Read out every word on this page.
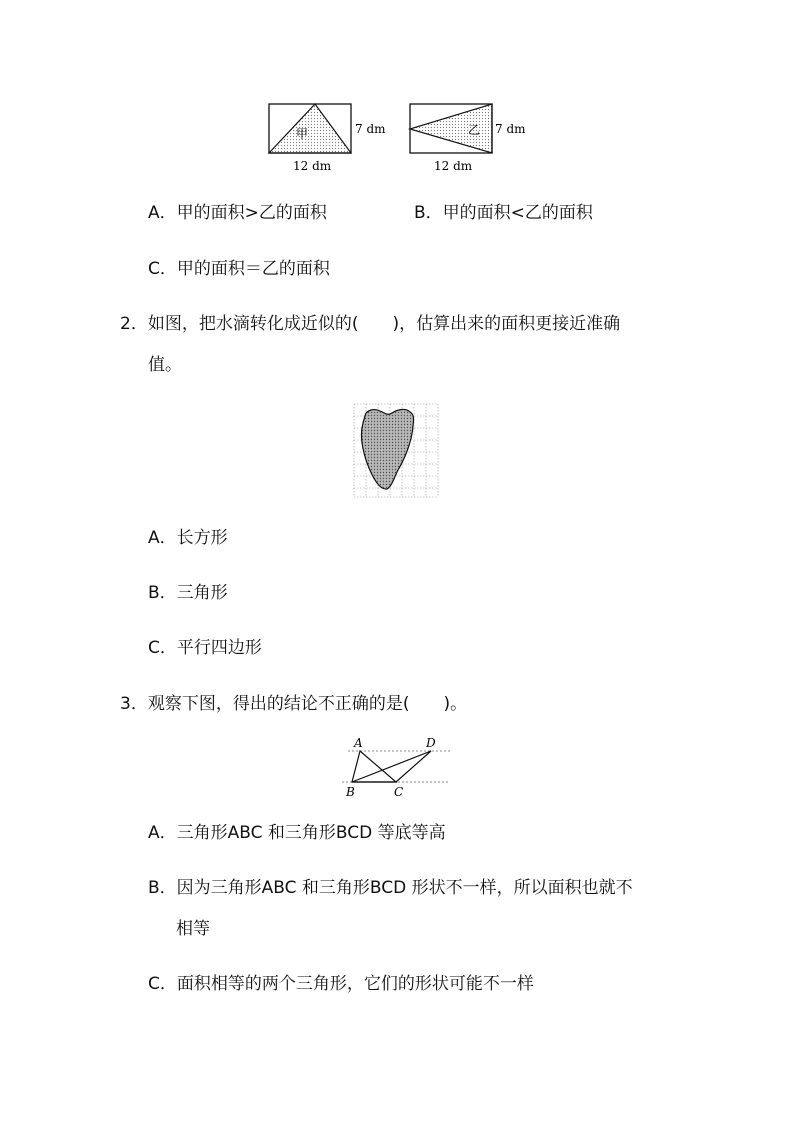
甲	7 dm
12 dm
乙 7 dm
12 dm
A．甲的面积>乙的面积	B．甲的面积<乙的面积
C．甲的面积＝乙的面积
2．如图，把水滴转化成近似的(　　)，估算出来的面积更接近准确
值。
A．长方形
B．三角形
C．平行四边形
3．观察下图，得出的结论不正确的是(　　)。
A	D
B	C
A．三角形ABC 和三角形BCD 等底等高
B．因为三角形ABC 和三角形BCD 形状不一样，所以面积也就不
相等
C．面积相等的两个三角形，它们的形状可能不一样
